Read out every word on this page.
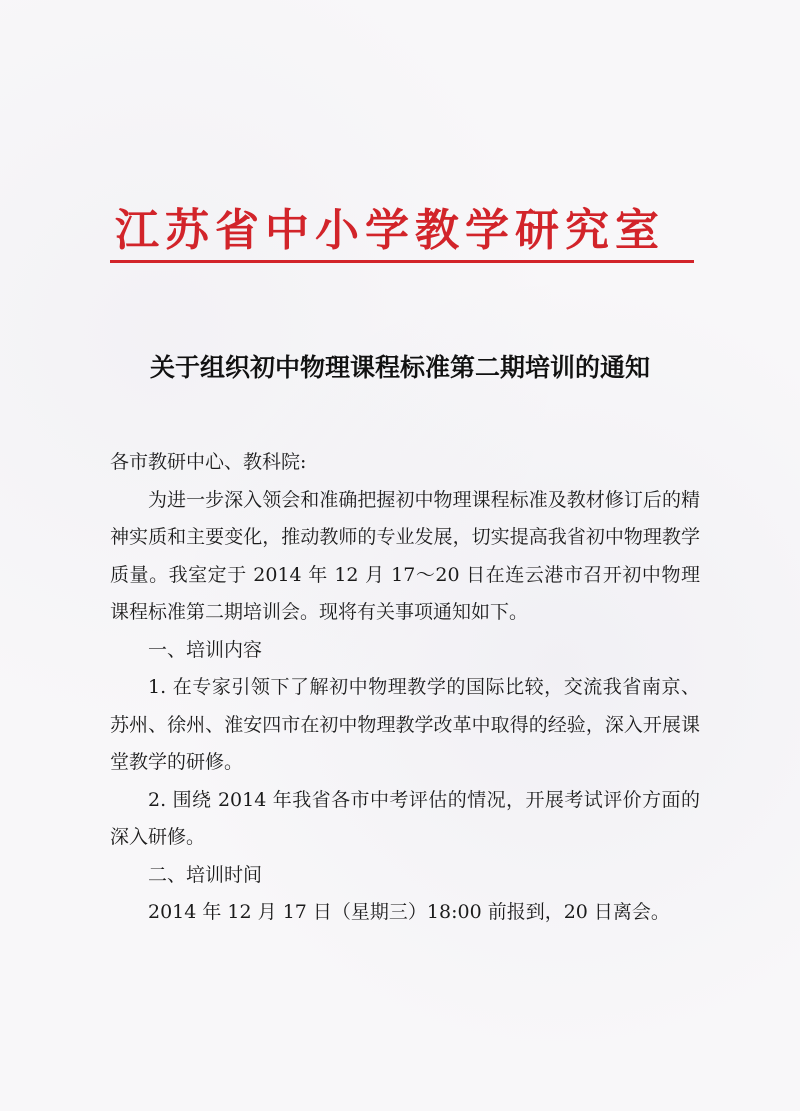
江苏省中小学教学研究室
关于组织初中物理课程标准第二期培训的通知

各市教研中心、教科院:

为进一步深入领会和准确把握初中物理课程标准及教材修订后的精神实质和主要变化，推动教师的专业发展，切实提高我省初中物理教学质量。我室定于 2014 年 12 月 17～20 日在连云港市召开初中物理课程标准第二期培训会。现将有关事项通知如下。

一、培训内容

1. 在专家引领下了解初中物理教学的国际比较，交流我省南京、苏州、徐州、淮安四市在初中物理教学改革中取得的经验，深入开展课堂教学的研修。

2. 围绕 2014 年我省各市中考评估的情况，开展考试评价方面的深入研修。

二、培训时间

2014 年 12 月 17 日（星期三）18:00 前报到，20 日离会。
